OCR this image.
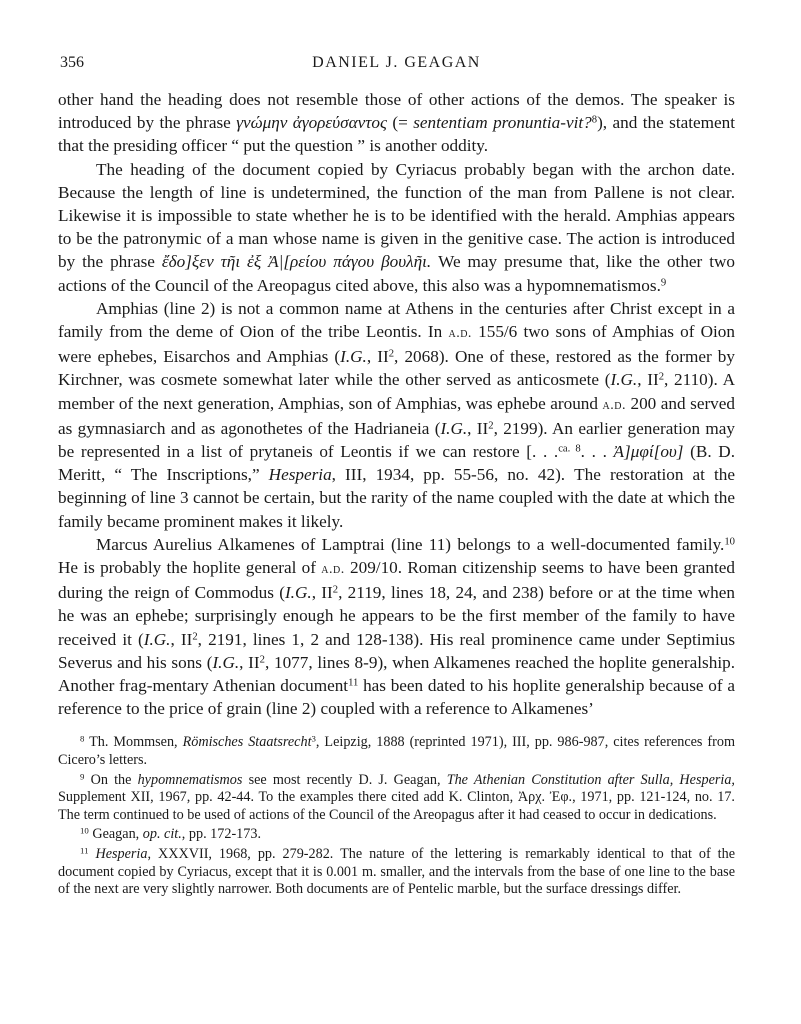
356	DANIEL J. GEAGAN

other hand the heading does not resemble those of other actions of the demos. The speaker is introduced by the phrase γνώμην ἀγορεύσαντος (= sententiam pronuntia-vit?$^8$), and the statement that the presiding officer “ put the question ” is another oddity.

The heading of the document copied by Cyriacus probably began with the archon date. Because the length of line is undetermined, the function of the man from Pallene is not clear. Likewise it is impossible to state whether he is to be identified with the herald. Amphias appears to be the patronymic of a man whose name is given in the genitive case. The action is introduced by the phrase ἔδο]ξεν τῆι ἐξ Ἀ|[ρείου πάγου βουλῆι. We may presume that, like the other two actions of the Council of the Areopagus cited above, this also was a hypomnematismos.$^9$

Amphias (line 2) is not a common name at Athens in the centuries after Christ except in a family from the deme of Oion of the tribe Leontis. In a.d. 155/6 two sons of Amphias of Oion were ephebes, Eisarchos and Amphias (I.G., $II^2$, 2068). One of these, restored as the former by Kirchner, was cosmete somewhat later while the other served as anticosmete (I.G., $II^2$, 2110). A member of the next generation, Amphias, son of Amphias, was ephebe around a.d. 200 and served as gymnasiarch and as agonothetes of the Hadrianeia (I.G., $II^2$, 2199). An earlier generation may be represented in a list of prytaneis of Leontis if we can restore [. . .$^{ca. 8}$. . . Ἀ]μφί[ου] (B. D. Meritt, “ The Inscriptions,” Hesperia, III, 1934, pp. 55-56, no. 42). The restoration at the beginning of line 3 cannot be certain, but the rarity of the name coupled with the date at which the family became prominent makes it likely.

Marcus Aurelius Alkamenes of Lamptrai (line 11) belongs to a well-documented family.$^{10}$ He is probably the hoplite general of a.d. 209/10. Roman citizenship seems to have been granted during the reign of Commodus (I.G., $II^2$, 2119, lines 18, 24, and 238) before or at the time when he was an ephebe; surprisingly enough he appears to be the first member of the family to have received it (I.G., $II^2$, 2191, lines 1, 2 and 128-138). His real prominence came under Septimius Severus and his sons (I.G., $II^2$, 1077, lines 8-9), when Alkamenes reached the hoplite generalship. Another frag-mentary Athenian document$^{11}$ has been dated to his hoplite generalship because of a reference to the price of grain (line 2) coupled with a reference to Alkamenes’

$^8$ Th. Mommsen, Römisches Staatsrecht$^3$, Leipzig, 1888 (reprinted 1971), III, pp. 986-987, cites references from Cicero’s letters.

$^9$ On the hypomnematismos see most recently D. J. Geagan, The Athenian Constitution after Sulla, Hesperia, Supplement XII, 1967, pp. 42-44. To the examples there cited add K. Clinton, Ἀρχ. Ἐφ., 1971, pp. 121-124, no. 17. The term continued to be used of actions of the Council of the Areopagus after it had ceased to occur in dedications.

$^{10}$ Geagan, op. cit., pp. 172-173.

$^{11}$ Hesperia, XXXVII, 1968, pp. 279-282. The nature of the lettering is remarkably identical to that of the document copied by Cyriacus, except that it is 0.001 m. smaller, and the intervals from the base of one line to the base of the next are very slightly narrower. Both documents are of Pentelic marble, but the surface dressings differ.
